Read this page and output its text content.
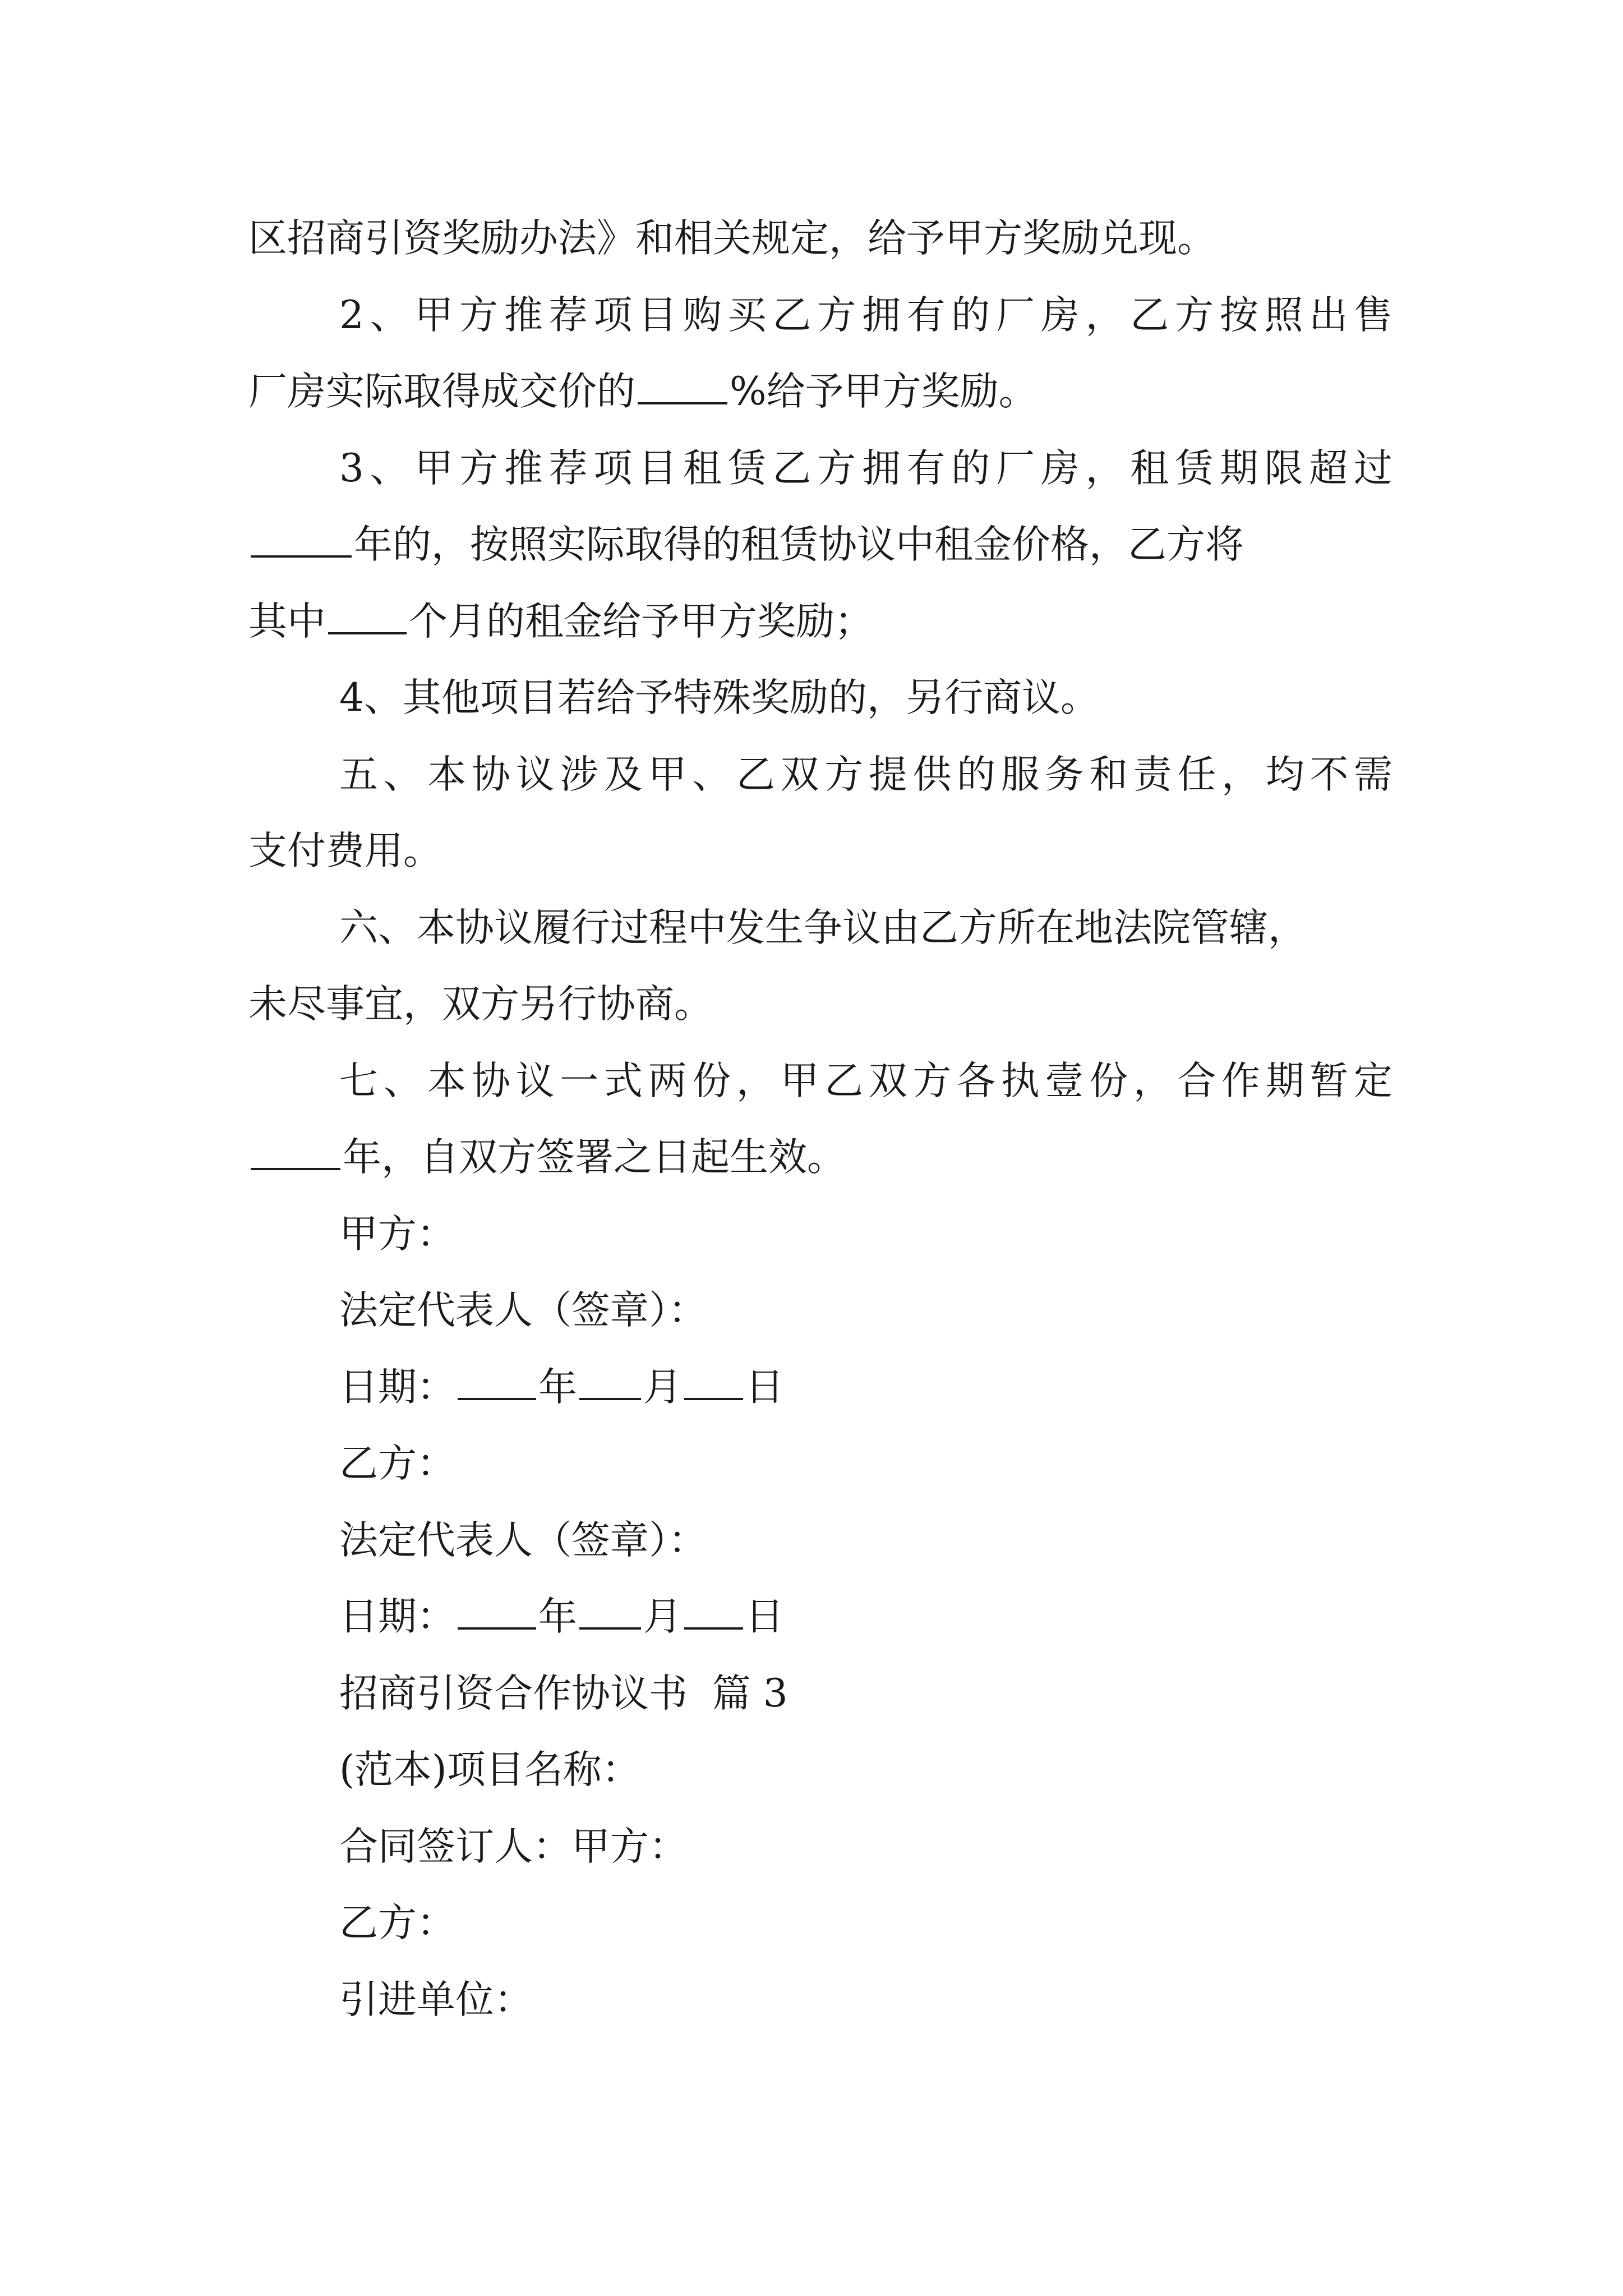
区招商引资奖励办法》和相关规定，给予甲方奖励兑现。
2、甲方推荐项目购买乙方拥有的厂房，乙方按照出售
厂房实际取得成交价的 %给予甲方奖励。
3、甲方推荐项目租赁乙方拥有的厂房，租赁期限超过
年的，按照实际取得的租赁协议中租金价格，乙方将
其中 个月的租金给予甲方奖励；
4、其他项目若给予特殊奖励的，另行商议。
五、本协议涉及甲、乙双方提供的服务和责任，均不需
支付费用。
六、本协议履行过程中发生争议由乙方所在地法院管辖，
未尽事宜，双方另行协商。
七、本协议一式两份，甲乙双方各执壹份，合作期暂定
年，自双方签署之日起生效。
甲方：
法定代表人（签章）：
日期： 年 月 日
乙方：
法定代表人（签章）：
日期： 年 月 日
招商引资合作协议书  篇 3
(范本)项目名称：
合同签订人：甲方：
乙方：
引进单位：
